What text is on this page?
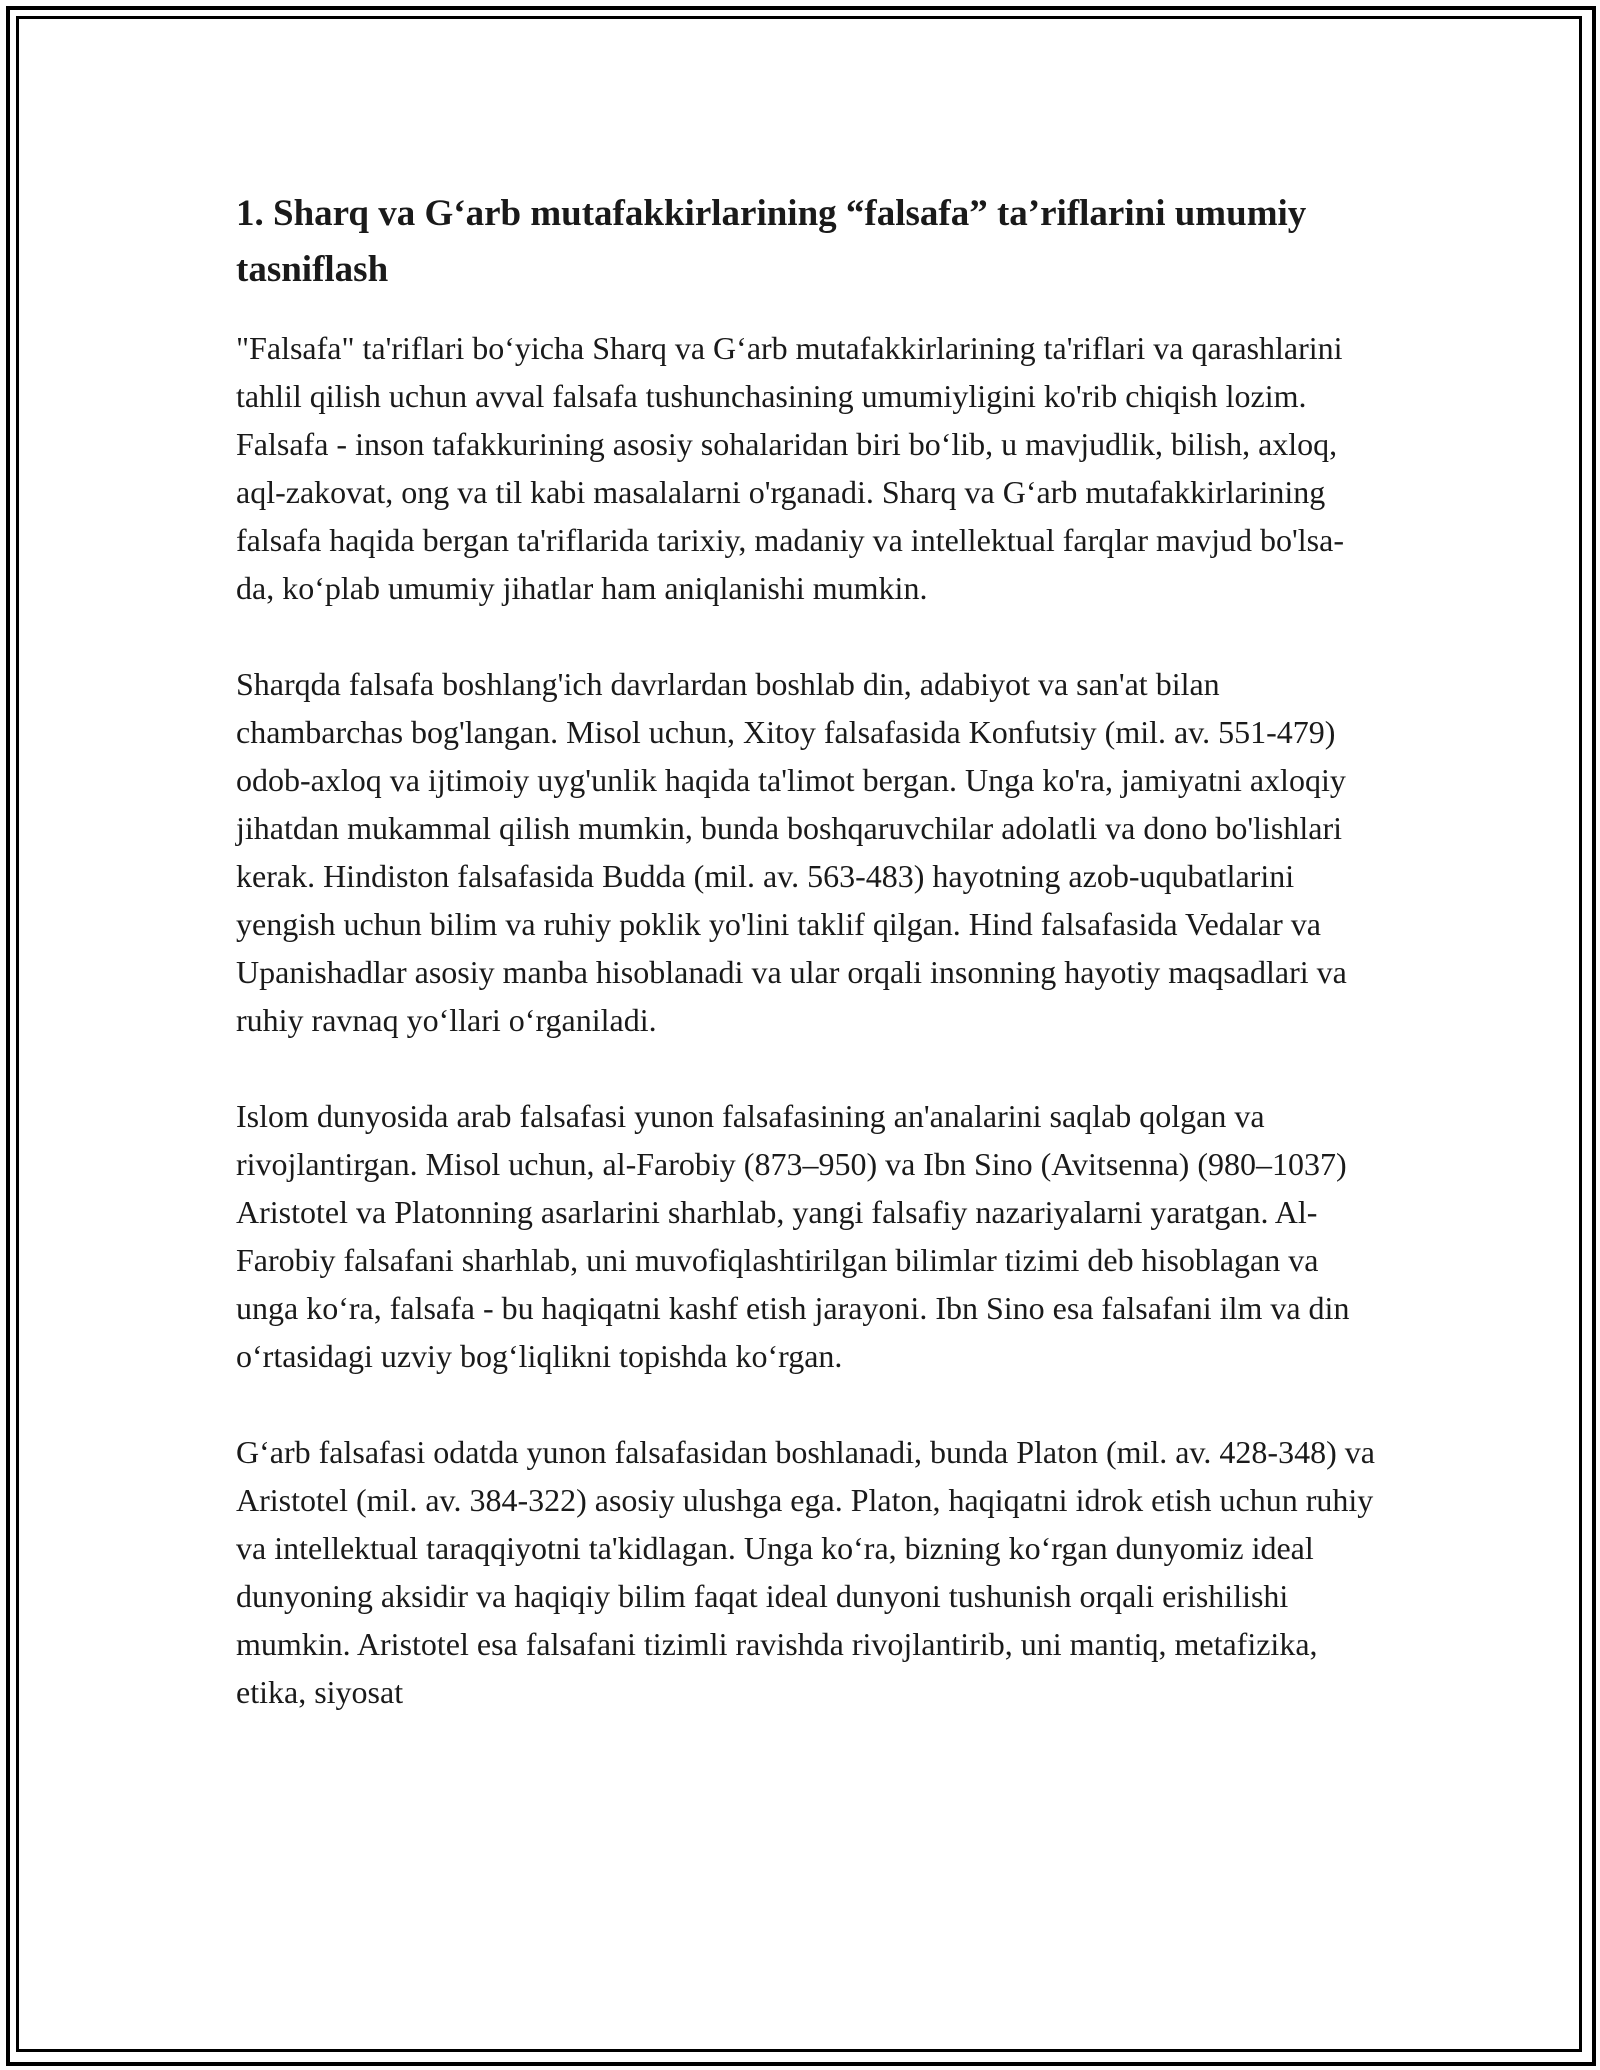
1. Sharq va G‘arb mutafakkirlarining “falsafa” ta’riflarini umumiy tasniflash

"Falsafa" ta'riflari bo‘yicha Sharq va G‘arb mutafakkirlarining ta'riflari va qarashlarini tahlil qilish uchun avval falsafa tushunchasining umumiyligini ko'rib chiqish lozim. Falsafa - inson tafakkurining asosiy sohalaridan biri bo‘lib, u mavjudlik, bilish, axloq, aql-zakovat, ong va til kabi masalalarni o'rganadi. Sharq va G‘arb mutafakkirlarining falsafa haqida bergan ta'riflarida tarixiy, madaniy va intellektual farqlar mavjud bo'lsa-da, ko‘plab umumiy jihatlar ham aniqlanishi mumkin.

Sharqda falsafa boshlang'ich davrlardan boshlab din, adabiyot va san'at bilan chambarchas bog'langan. Misol uchun, Xitoy falsafasida Konfutsiy (mil. av. 551-479) odob-axloq va ijtimoiy uyg'unlik haqida ta'limot bergan. Unga ko'ra, jamiyatni axloqiy jihatdan mukammal qilish mumkin, bunda boshqaruvchilar adolatli va dono bo'lishlari kerak. Hindiston falsafasida Budda (mil. av. 563-483) hayotning azob-uqubatlarini yengish uchun bilim va ruhiy poklik yo'lini taklif qilgan. Hind falsafasida Vedalar va Upanishadlar asosiy manba hisoblanadi va ular orqali insonning hayotiy maqsadlari va ruhiy ravnaq yo‘llari o‘rganiladi.

Islom dunyosida arab falsafasi yunon falsafasining an'analarini saqlab qolgan va rivojlantirgan. Misol uchun, al-Farobiy (873–950) va Ibn Sino (Avitsenna) (980–1037) Aristotel va Platonning asarlarini sharhlab, yangi falsafiy nazariyalarni yaratgan. Al-Farobiy falsafani sharhlab, uni muvofiqlashtirilgan bilimlar tizimi deb hisoblagan va unga ko‘ra, falsafa - bu haqiqatni kashf etish jarayoni. Ibn Sino esa falsafani ilm va din o‘rtasidagi uzviy bog‘liqlikni topishda ko‘rgan.

G‘arb falsafasi odatda yunon falsafasidan boshlanadi, bunda Platon (mil. av. 428-348) va Aristotel (mil. av. 384-322) asosiy ulushga ega. Platon, haqiqatni idrok etish uchun ruhiy va intellektual taraqqiyotni ta'kidlagan. Unga ko‘ra, bizning ko‘rgan dunyomiz ideal dunyoning aksidir va haqiqiy bilim faqat ideal dunyoni tushunish orqali erishilishi mumkin. Aristotel esa falsafani tizimli ravishda rivojlantirib, uni mantiq, metafizika, etika, siyosat
